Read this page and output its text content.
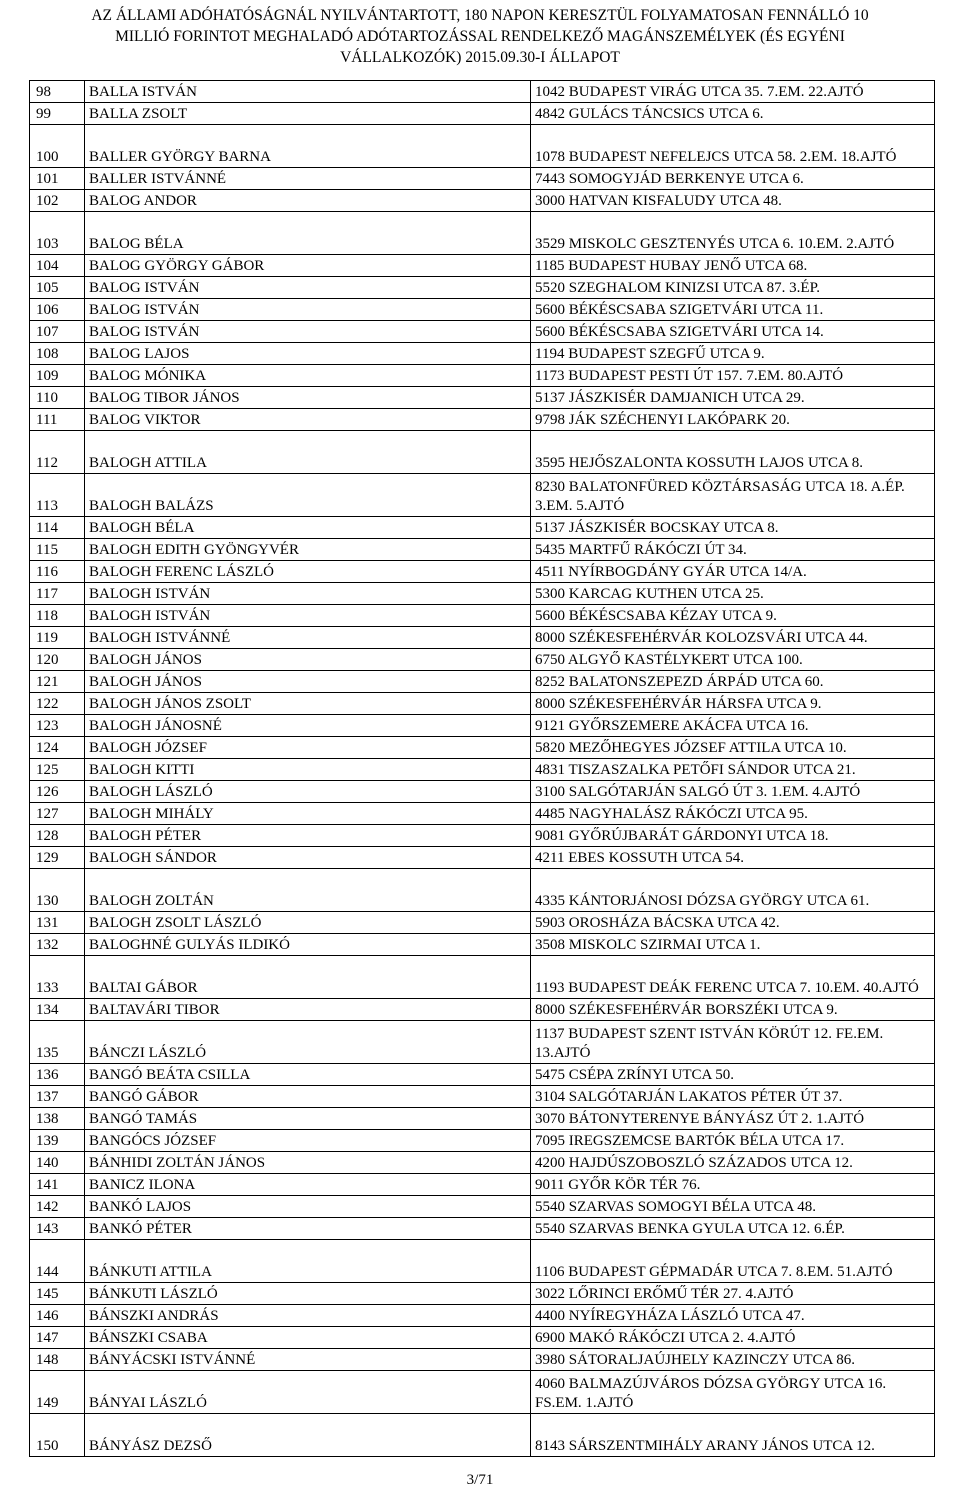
AZ ÁLLAMI ADÓHATÓSÁGNÁL NYILVÁNTARTOTT, 180 NAPON KERESZTÜL FOLYAMATOSAN FENNÁLLÓ 10
MILLIÓ FORINTOT MEGHALADÓ ADÓTARTOZÁSSAL RENDELKEZŐ MAGÁNSZEMÉLYEK (ÉS EGYÉNI
VÁLLALKOZÓK) 2015.09.30-I ÁLLAPOT
98	BALLA ISTVÁN	1042 BUDAPEST VIRÁG UTCA 35. 7.EM. 22.AJTÓ
99	BALLA ZSOLT	4842 GULÁCS TÁNCSICS UTCA 6.
100	BALLER GYÖRGY BARNA	1078 BUDAPEST NEFELEJCS UTCA 58. 2.EM. 18.AJTÓ
101	BALLER ISTVÁNNÉ	7443 SOMOGYJÁD BERKENYE UTCA 6.
102	BALOG ANDOR	3000 HATVAN KISFALUDY UTCA 48.
103	BALOG BÉLA	3529 MISKOLC GESZTENYÉS UTCA 6. 10.EM. 2.AJTÓ
104	BALOG GYÖRGY GÁBOR	1185 BUDAPEST HUBAY JENŐ UTCA 68.
105	BALOG ISTVÁN	5520 SZEGHALOM KINIZSI UTCA 87. 3.ÉP.
106	BALOG ISTVÁN	5600 BÉKÉSCSABA SZIGETVÁRI UTCA 11.
107	BALOG ISTVÁN	5600 BÉKÉSCSABA SZIGETVÁRI UTCA 14.
108	BALOG LAJOS	1194 BUDAPEST SZEGFŰ UTCA 9.
109	BALOG MÓNIKA	1173 BUDAPEST PESTI ÚT 157. 7.EM. 80.AJTÓ
110	BALOG TIBOR JÁNOS	5137 JÁSZKISÉR DAMJANICH UTCA 29.
111	BALOG VIKTOR	9798 JÁK SZÉCHENYI LAKÓPARK 20.
112	BALOGH ATTILA	3595 HEJŐSZALONTA KOSSUTH LAJOS UTCA 8.
113	BALOGH BALÁZS	8230 BALATONFÜRED KÖZTÁRSASÁG UTCA 18. A.ÉP. 3.EM. 5.AJTÓ
114	BALOGH BÉLA	5137 JÁSZKISÉR BOCSKAY UTCA 8.
115	BALOGH EDITH GYÖNGYVÉR	5435 MARTFŰ RÁKÓCZI ÚT 34.
116	BALOGH FERENC LÁSZLÓ	4511 NYÍRBOGDÁNY GYÁR UTCA 14/A.
117	BALOGH ISTVÁN	5300 KARCAG KUTHEN UTCA 25.
118	BALOGH ISTVÁN	5600 BÉKÉSCSABA KÉZAY UTCA 9.
119	BALOGH ISTVÁNNÉ	8000 SZÉKESFEHÉRVÁR KOLOZSVÁRI UTCA 44.
120	BALOGH JÁNOS	6750 ALGYŐ KASTÉLYKERT UTCA 100.
121	BALOGH JÁNOS	8252 BALATONSZEPEZD ÁRPÁD UTCA 60.
122	BALOGH JÁNOS ZSOLT	8000 SZÉKESFEHÉRVÁR HÁRSFA UTCA 9.
123	BALOGH JÁNOSNÉ	9121 GYŐRSZEMERE AKÁCFA UTCA 16.
124	BALOGH JÓZSEF	5820 MEZŐHEGYES JÓZSEF ATTILA UTCA 10.
125	BALOGH KITTI	4831 TISZASZALKA PETŐFI SÁNDOR UTCA 21.
126	BALOGH LÁSZLÓ	3100 SALGÓTARJÁN SALGÓ ÚT 3. 1.EM. 4.AJTÓ
127	BALOGH MIHÁLY	4485 NAGYHALÁSZ RÁKÓCZI UTCA 95.
128	BALOGH PÉTER	9081 GYŐRÚJBARÁT GÁRDONYI UTCA 18.
129	BALOGH SÁNDOR	4211 EBES KOSSUTH UTCA 54.
130	BALOGH ZOLTÁN	4335 KÁNTORJÁNOSI DÓZSA GYÖRGY UTCA 61.
131	BALOGH ZSOLT LÁSZLÓ	5903 OROSHÁZA BÁCSKA UTCA 42.
132	BALOGHNÉ GULYÁS ILDIKÓ	3508 MISKOLC SZIRMAI UTCA 1.
133	BALTAI GÁBOR	1193 BUDAPEST DEÁK FERENC UTCA 7. 10.EM. 40.AJTÓ
134	BALTAVÁRI TIBOR	8000 SZÉKESFEHÉRVÁR BORSZÉKI UTCA 9.
135	BÁNCZI LÁSZLÓ	1137 BUDAPEST SZENT ISTVÁN KÖRÚT 12. FE.EM. 13.AJTÓ
136	BANGÓ BEÁTA CSILLA	5475 CSÉPA ZRÍNYI UTCA 50.
137	BANGÓ GÁBOR	3104 SALGÓTARJÁN LAKATOS PÉTER ÚT 37.
138	BANGÓ TAMÁS	3070 BÁTONYTERENYE BÁNYÁSZ ÚT 2. 1.AJTÓ
139	BANGÓCS JÓZSEF	7095 IREGSZEMCSE BARTÓK BÉLA UTCA 17.
140	BÁNHIDI ZOLTÁN JÁNOS	4200 HAJDÚSZOBOSZLÓ SZÁZADOS UTCA 12.
141	BANICZ ILONA	9011 GYŐR KÖR TÉR 76.
142	BANKÓ LAJOS	5540 SZARVAS SOMOGYI BÉLA UTCA 48.
143	BANKÓ PÉTER	5540 SZARVAS BENKA GYULA UTCA 12. 6.ÉP.
144	BÁNKUTI ATTILA	1106 BUDAPEST GÉPMADÁR UTCA 7. 8.EM. 51.AJTÓ
145	BÁNKUTI LÁSZLÓ	3022 LŐRINCI ERŐMŰ TÉR 27. 4.AJTÓ
146	BÁNSZKI ANDRÁS	4400 NYÍREGYHÁZA LÁSZLÓ UTCA 47.
147	BÁNSZKI CSABA	6900 MAKÓ RÁKÓCZI UTCA 2. 4.AJTÓ
148	BÁNYÁCSKI ISTVÁNNÉ	3980 SÁTORALJAÚJHELY KAZINCZY UTCA 86.
149	BÁNYAI LÁSZLÓ	4060 BALMAZÚJVÁROS DÓZSA GYÖRGY UTCA 16. FS.EM. 1.AJTÓ
150	BÁNYÁSZ DEZSŐ	8143 SÁRSZENTMIHÁLY ARANY JÁNOS UTCA 12.
3/71
